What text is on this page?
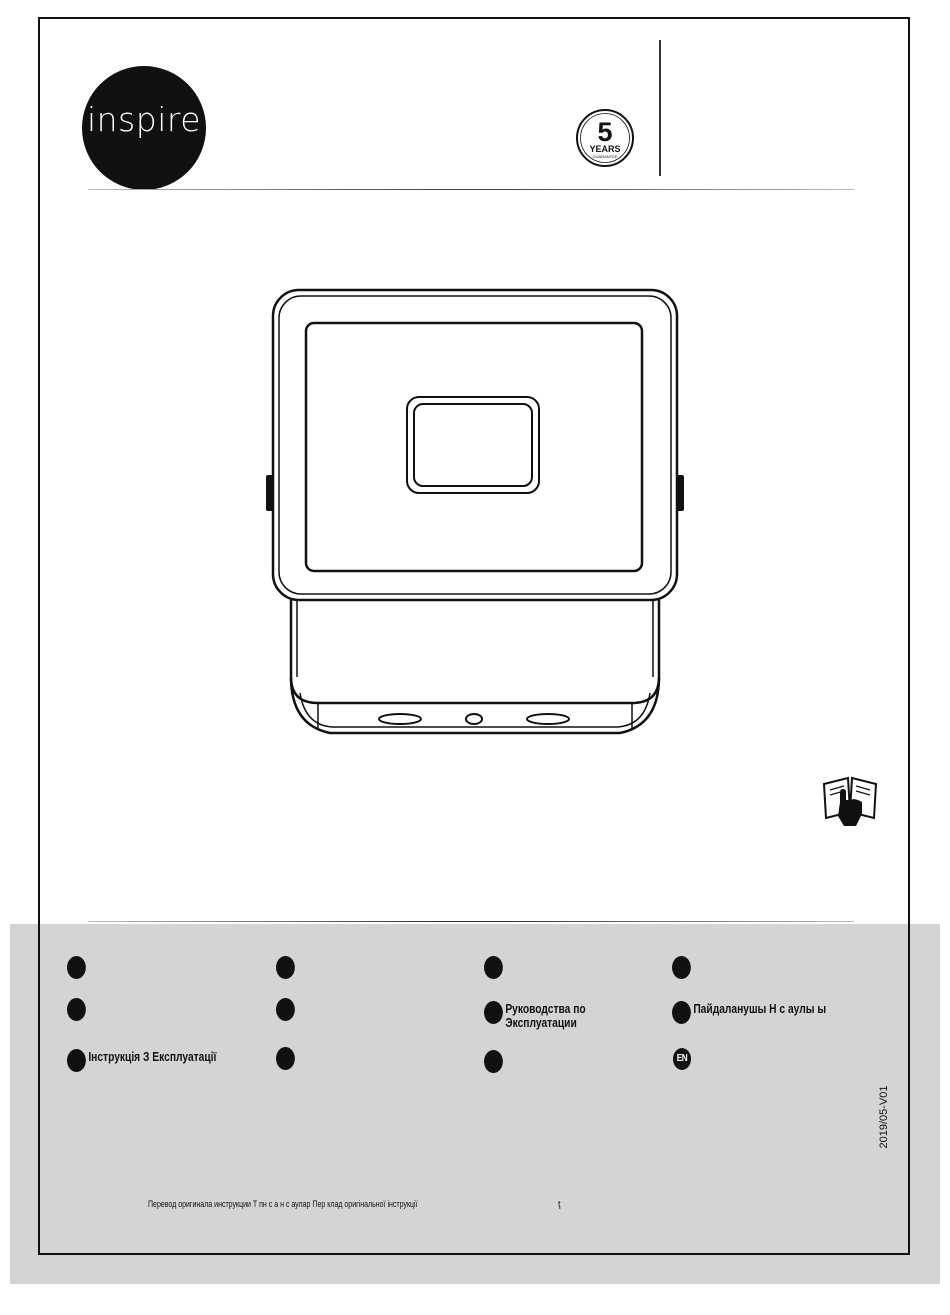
inspire	5
YEARS
GUARANTEE
Руководства по
Эксплуатации
Пайдаланушы Н с аулы ы
Інструкція З Експлуатації	EN
2019/05-V01
Перевод оригинала инструкции Т пн с а н с аулар Пер клад оригінальної інструкції	ţ
